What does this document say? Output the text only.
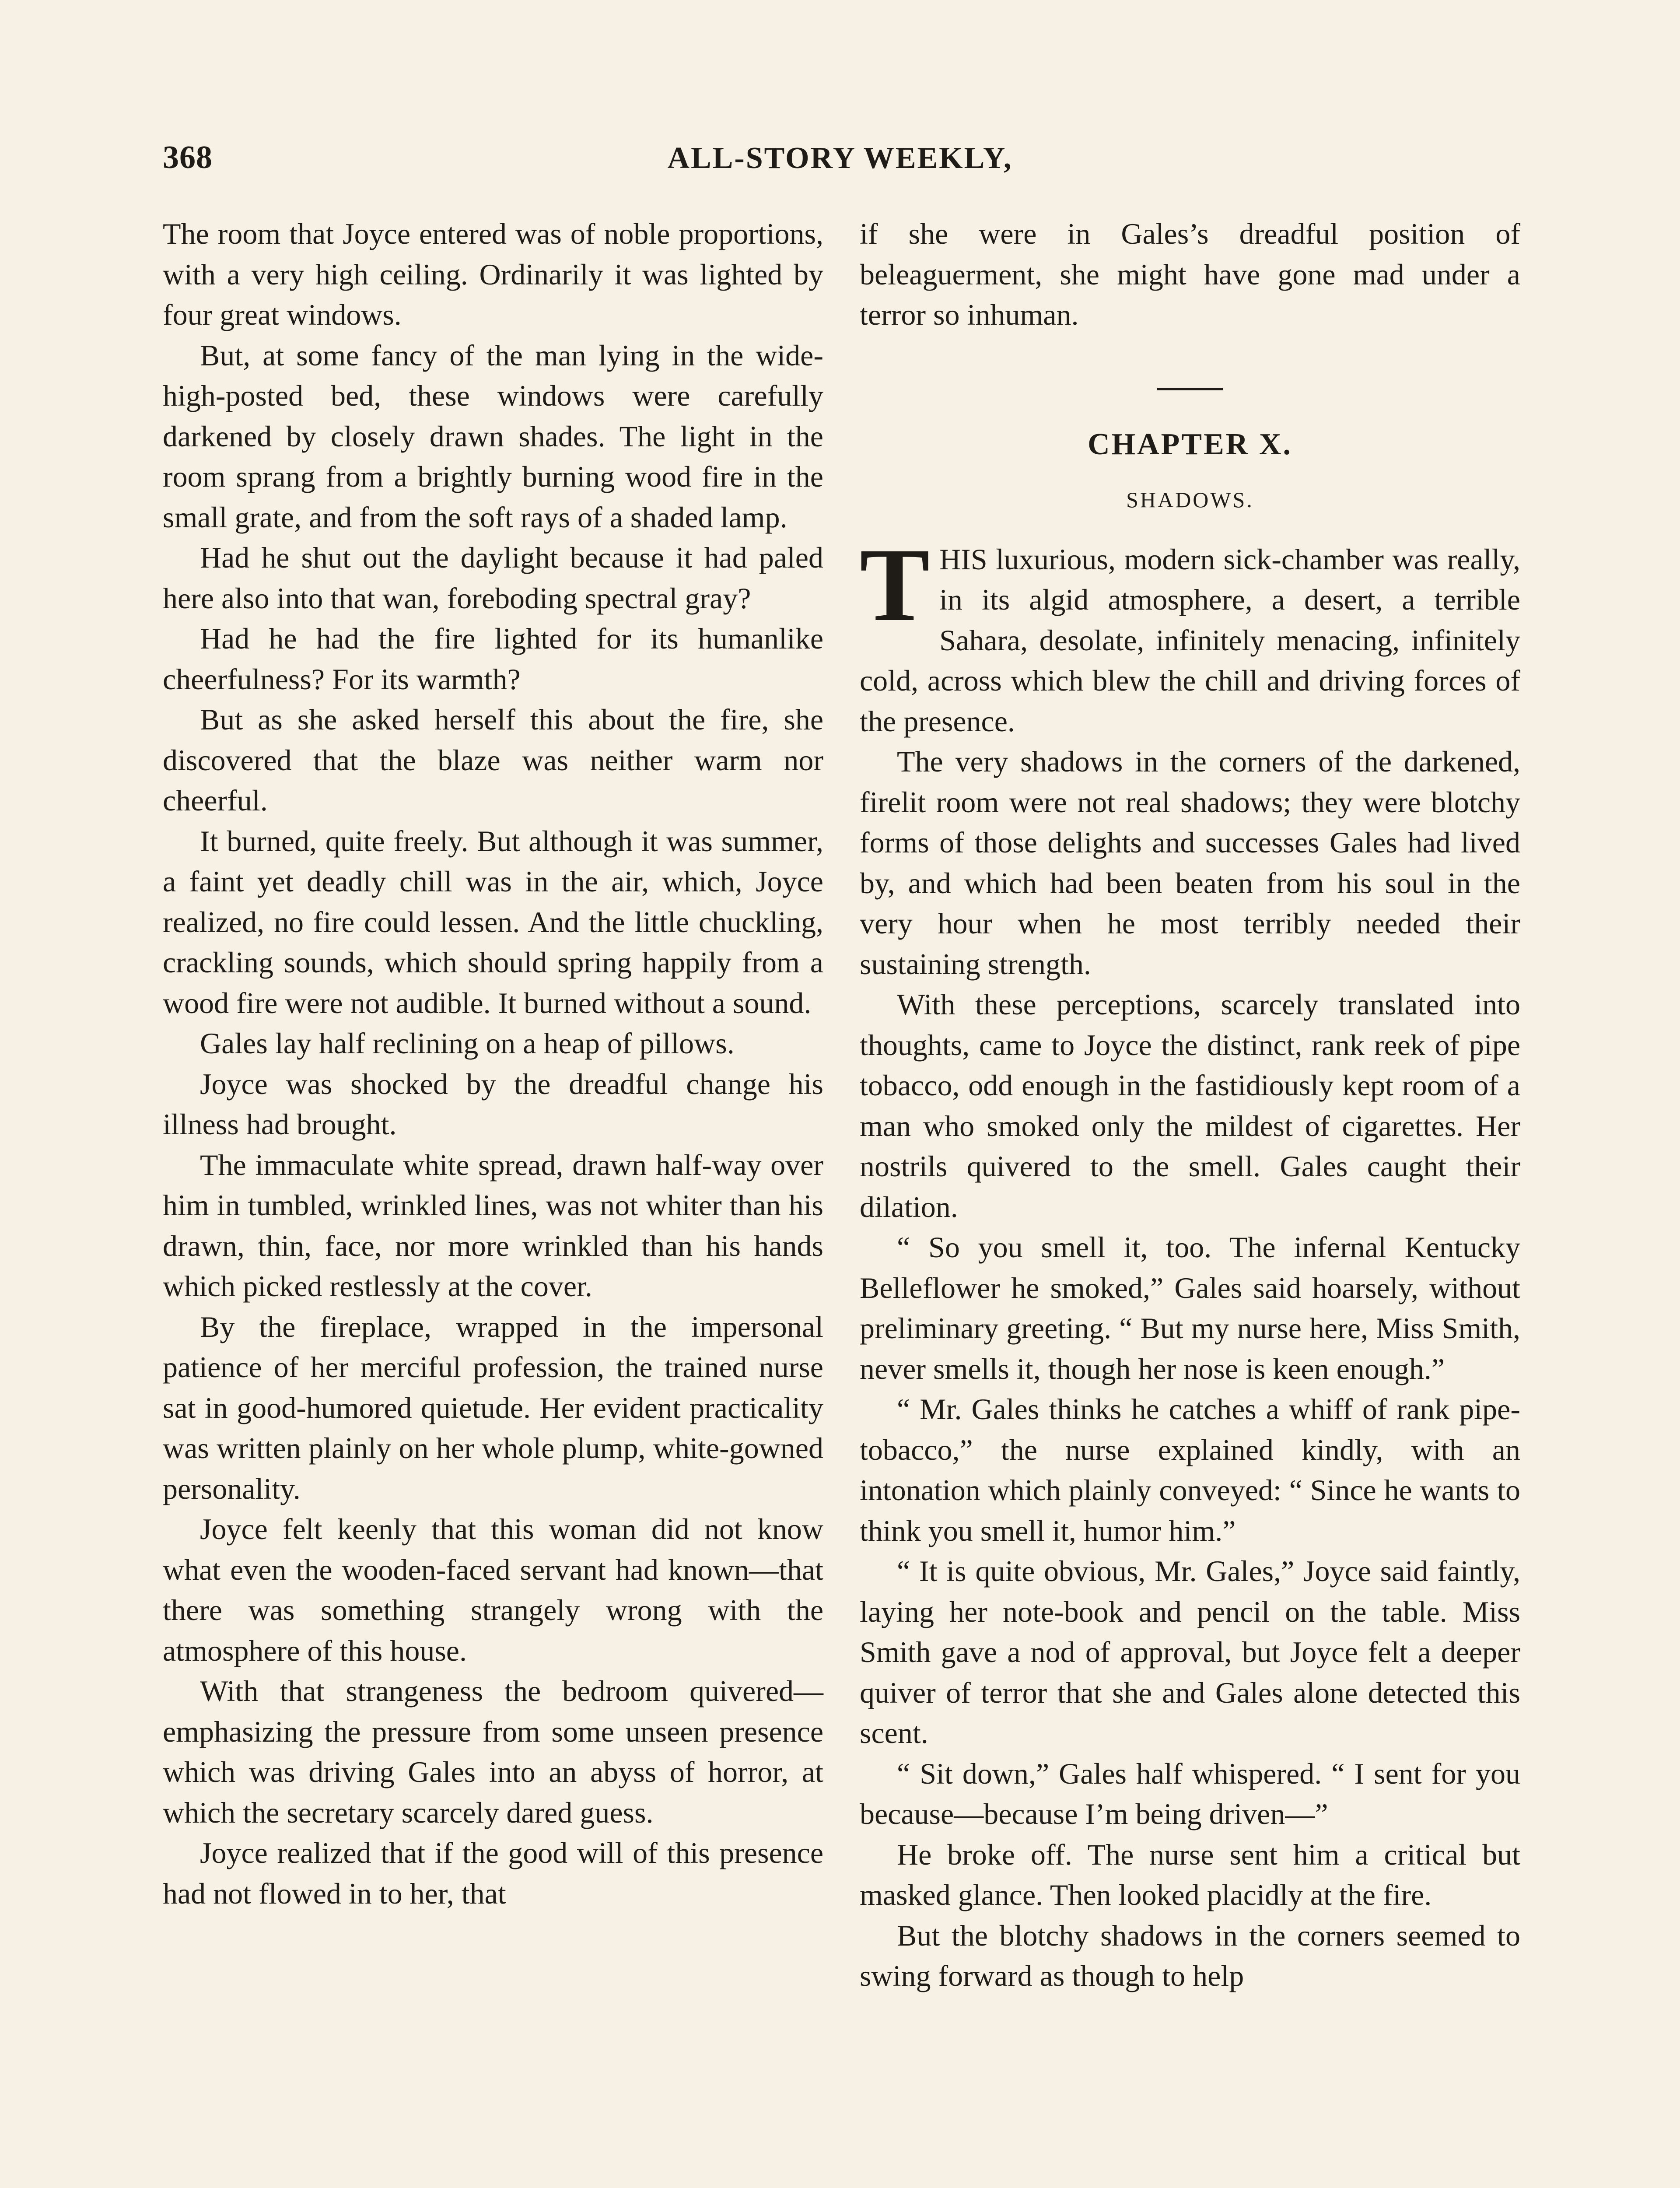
368	ALL-STORY WEEKLY,

The room that Joyce entered was of noble proportions, with a very high ceiling. Ordinarily it was lighted by four great windows.

But, at some fancy of the man lying in the wide-high-posted bed, these windows were carefully darkened by closely drawn shades. The light in the room sprang from a brightly burning wood fire in the small grate, and from the soft rays of a shaded lamp.

Had he shut out the daylight because it had paled here also into that wan, foreboding spectral gray?

Had he had the fire lighted for its humanlike cheerfulness? For its warmth?

But as she asked herself this about the fire, she discovered that the blaze was neither warm nor cheerful.

It burned, quite freely. But although it was summer, a faint yet deadly chill was in the air, which, Joyce realized, no fire could lessen. And the little chuckling, crackling sounds, which should spring happily from a wood fire were not audible. It burned without a sound.

Gales lay half reclining on a heap of pillows.

Joyce was shocked by the dreadful change his illness had brought.

The immaculate white spread, drawn half-way over him in tumbled, wrinkled lines, was not whiter than his drawn, thin, face, nor more wrinkled than his hands which picked restlessly at the cover.

By the fireplace, wrapped in the impersonal patience of her merciful profession, the trained nurse sat in good-humored quietude. Her evident practicality was written plainly on her whole plump, white-gowned personality.

Joyce felt keenly that this woman did not know what even the wooden-faced servant had known—that there was something strangely wrong with the atmosphere of this house.

With that strangeness the bedroom quivered—emphasizing the pressure from some unseen presence which was driving Gales into an abyss of horror, at which the secretary scarcely dared guess.

Joyce realized that if the good will of this presence had not flowed in to her, that

if she were in Gales’s dreadful position of beleaguerment, she might have gone mad under a terror so inhuman.

CHAPTER X.
SHADOWS.

THIS luxurious, modern sick-chamber was really, in its algid atmosphere, a desert, a terrible Sahara, desolate, infinitely menacing, infinitely cold, across which blew the chill and driving forces of the presence.

The very shadows in the corners of the darkened, firelit room were not real shadows; they were blotchy forms of those delights and successes Gales had lived by, and which had been beaten from his soul in the very hour when he most terribly needed their sustaining strength.

With these perceptions, scarcely translated into thoughts, came to Joyce the distinct, rank reek of pipe tobacco, odd enough in the fastidiously kept room of a man who smoked only the mildest of cigarettes. Her nostrils quivered to the smell. Gales caught their dilation.

“ So you smell it, too. The infernal Kentucky Belleflower he smoked,” Gales said hoarsely, without preliminary greeting. “ But my nurse here, Miss Smith, never smells it, though her nose is keen enough.”

“ Mr. Gales thinks he catches a whiff of rank pipe-tobacco,” the nurse explained kindly, with an intonation which plainly conveyed: “ Since he wants to think you smell it, humor him.”

“ It is quite obvious, Mr. Gales,” Joyce said faintly, laying her note-book and pencil on the table. Miss Smith gave a nod of approval, but Joyce felt a deeper quiver of terror that she and Gales alone detected this scent.

“ Sit down,” Gales half whispered. “ I sent for you because—because I’m being driven—”

He broke off. The nurse sent him a critical but masked glance. Then looked placidly at the fire.

But the blotchy shadows in the corners seemed to swing forward as though to help
